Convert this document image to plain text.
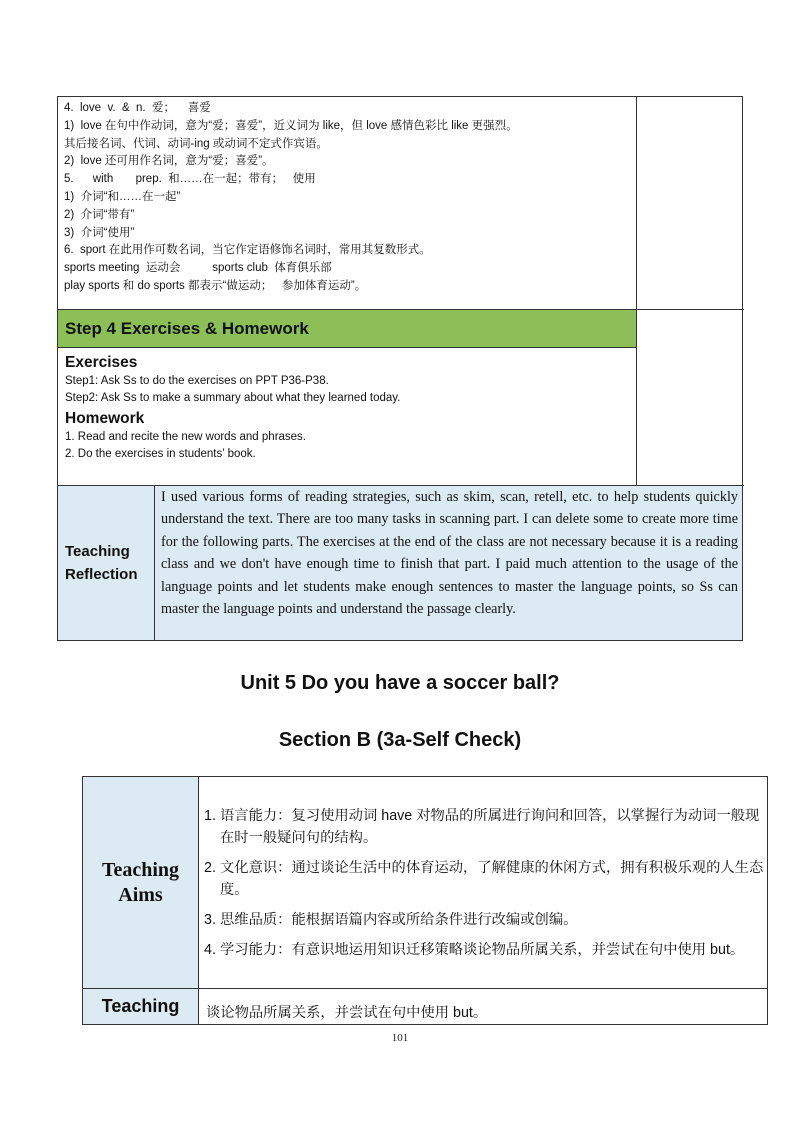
4.  love  v.  &  n.  爱；    喜爱
1)  love 在句中作动词，意为“爱；喜爱”，近义词为 like，但 love 感情色彩比 like 更强烈。
其后接名词、代词、动词-ing 或动词不定式作宾语。
2)  love 还可用作名词，意为“爱；喜爱”。
5.      with       prep.  和……在一起；带有；   使用
1)  介词“和……在一起”
2)  介词“带有”
3)  介词“使用”
6.  sport 在此用作可数名词，当它作定语修饰名词时，常用其复数形式。
sports meeting  运动会          sports club  体育俱乐部
play sports 和 do sports 都表示“做运动；   参加体育运动”。
Step 4 Exercises & Homework
Exercises
Step1: Ask Ss to do the exercises on PPT P36-P38.
Step2: Ask Ss to make a summary about what they learned today.
Homework
1. Read and recite the new words and phrases.
2. Do the exercises in students’ book.
Teaching
Reflection
I used various forms of reading strategies, such as skim, scan, retell, etc. to help students quickly understand the text. There are too many tasks in scanning part. I can delete some to create more time for the following parts. The exercises at the end of the class are not necessary because it is a reading class and we don't have enough time to finish that part. I paid much attention to the usage of the language points and let students make enough sentences to master the language points, so Ss can master the language points and understand the passage clearly.
Unit 5 Do you have a soccer ball?
Section B (3a-Self Check)
Teaching
Aims
1. 语言能力：复习使用动词 have 对物品的所属进行询问和回答，以掌握行为动词一般现在时一般疑问句的结构。
2. 文化意识：通过谈论生活中的体育运动，了解健康的休闲方式，拥有积极乐观的人生态度。
3. 思维品质：能根据语篇内容或所给条件进行改编或创编。
4. 学习能力：有意识地运用知识迁移策略谈论物品所属关系，并尝试在句中使用 but。
Teaching	谈论物品所属关系，并尝试在句中使用 but。
101
